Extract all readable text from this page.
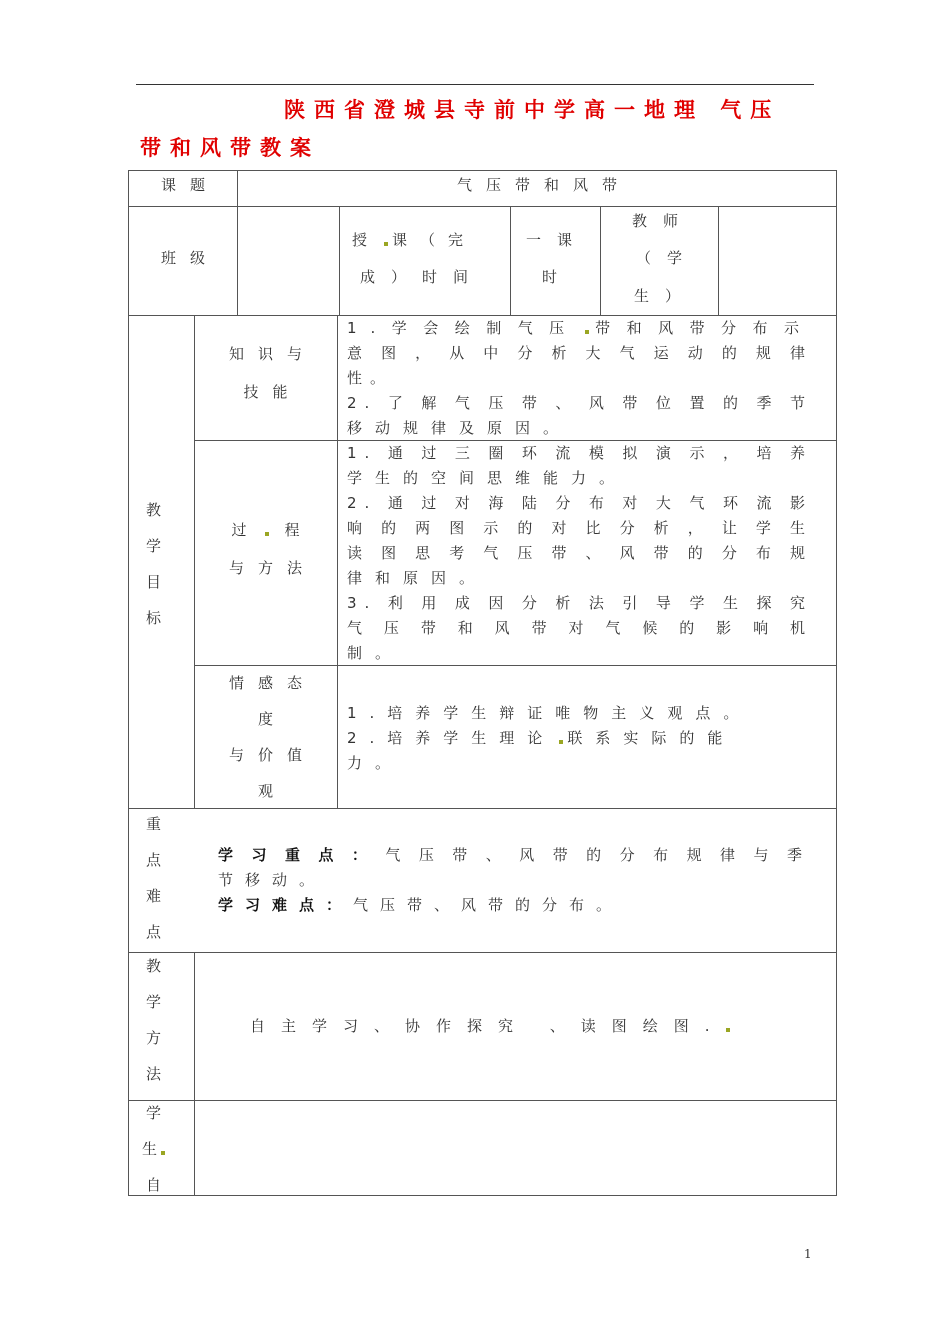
陕西省澄城县寺前中学高一地理 气压
带和风带教案
课题	气压带和风带
班级
授 课（完
成）时间
一课
时
教师
（学
生）
教
学
目
标
知识与
技能
1.学会绘制气压 带和风带分布示
意图，从中分析大气运动的规律
性。
2.了解气压带、风带位置的季节
移动规律及原因。
过 程
与方法
1.通过三圈环流模拟演示，培养
学生的空间思维能力。
2.通过对海陆分布对大气环流影
响的两图示的对比分析，让学生
读图思考气压带、风带的分布规
律和原因。
3.利用成因分析法引导学生探究
气压带和风带对气候的影响机
制。
情感态
度
与价值
观
1.培养学生辩证唯物主义观点。
2.培养学生理论 联系实际的能
力。
重
点
难
点
学习重点：气压带、风带的分布规律与季
节移动。
学习难点：气压带、风带的分布。
教
学
方
法
自主学习、协作探究 、读图绘图.
学
生
自
1
